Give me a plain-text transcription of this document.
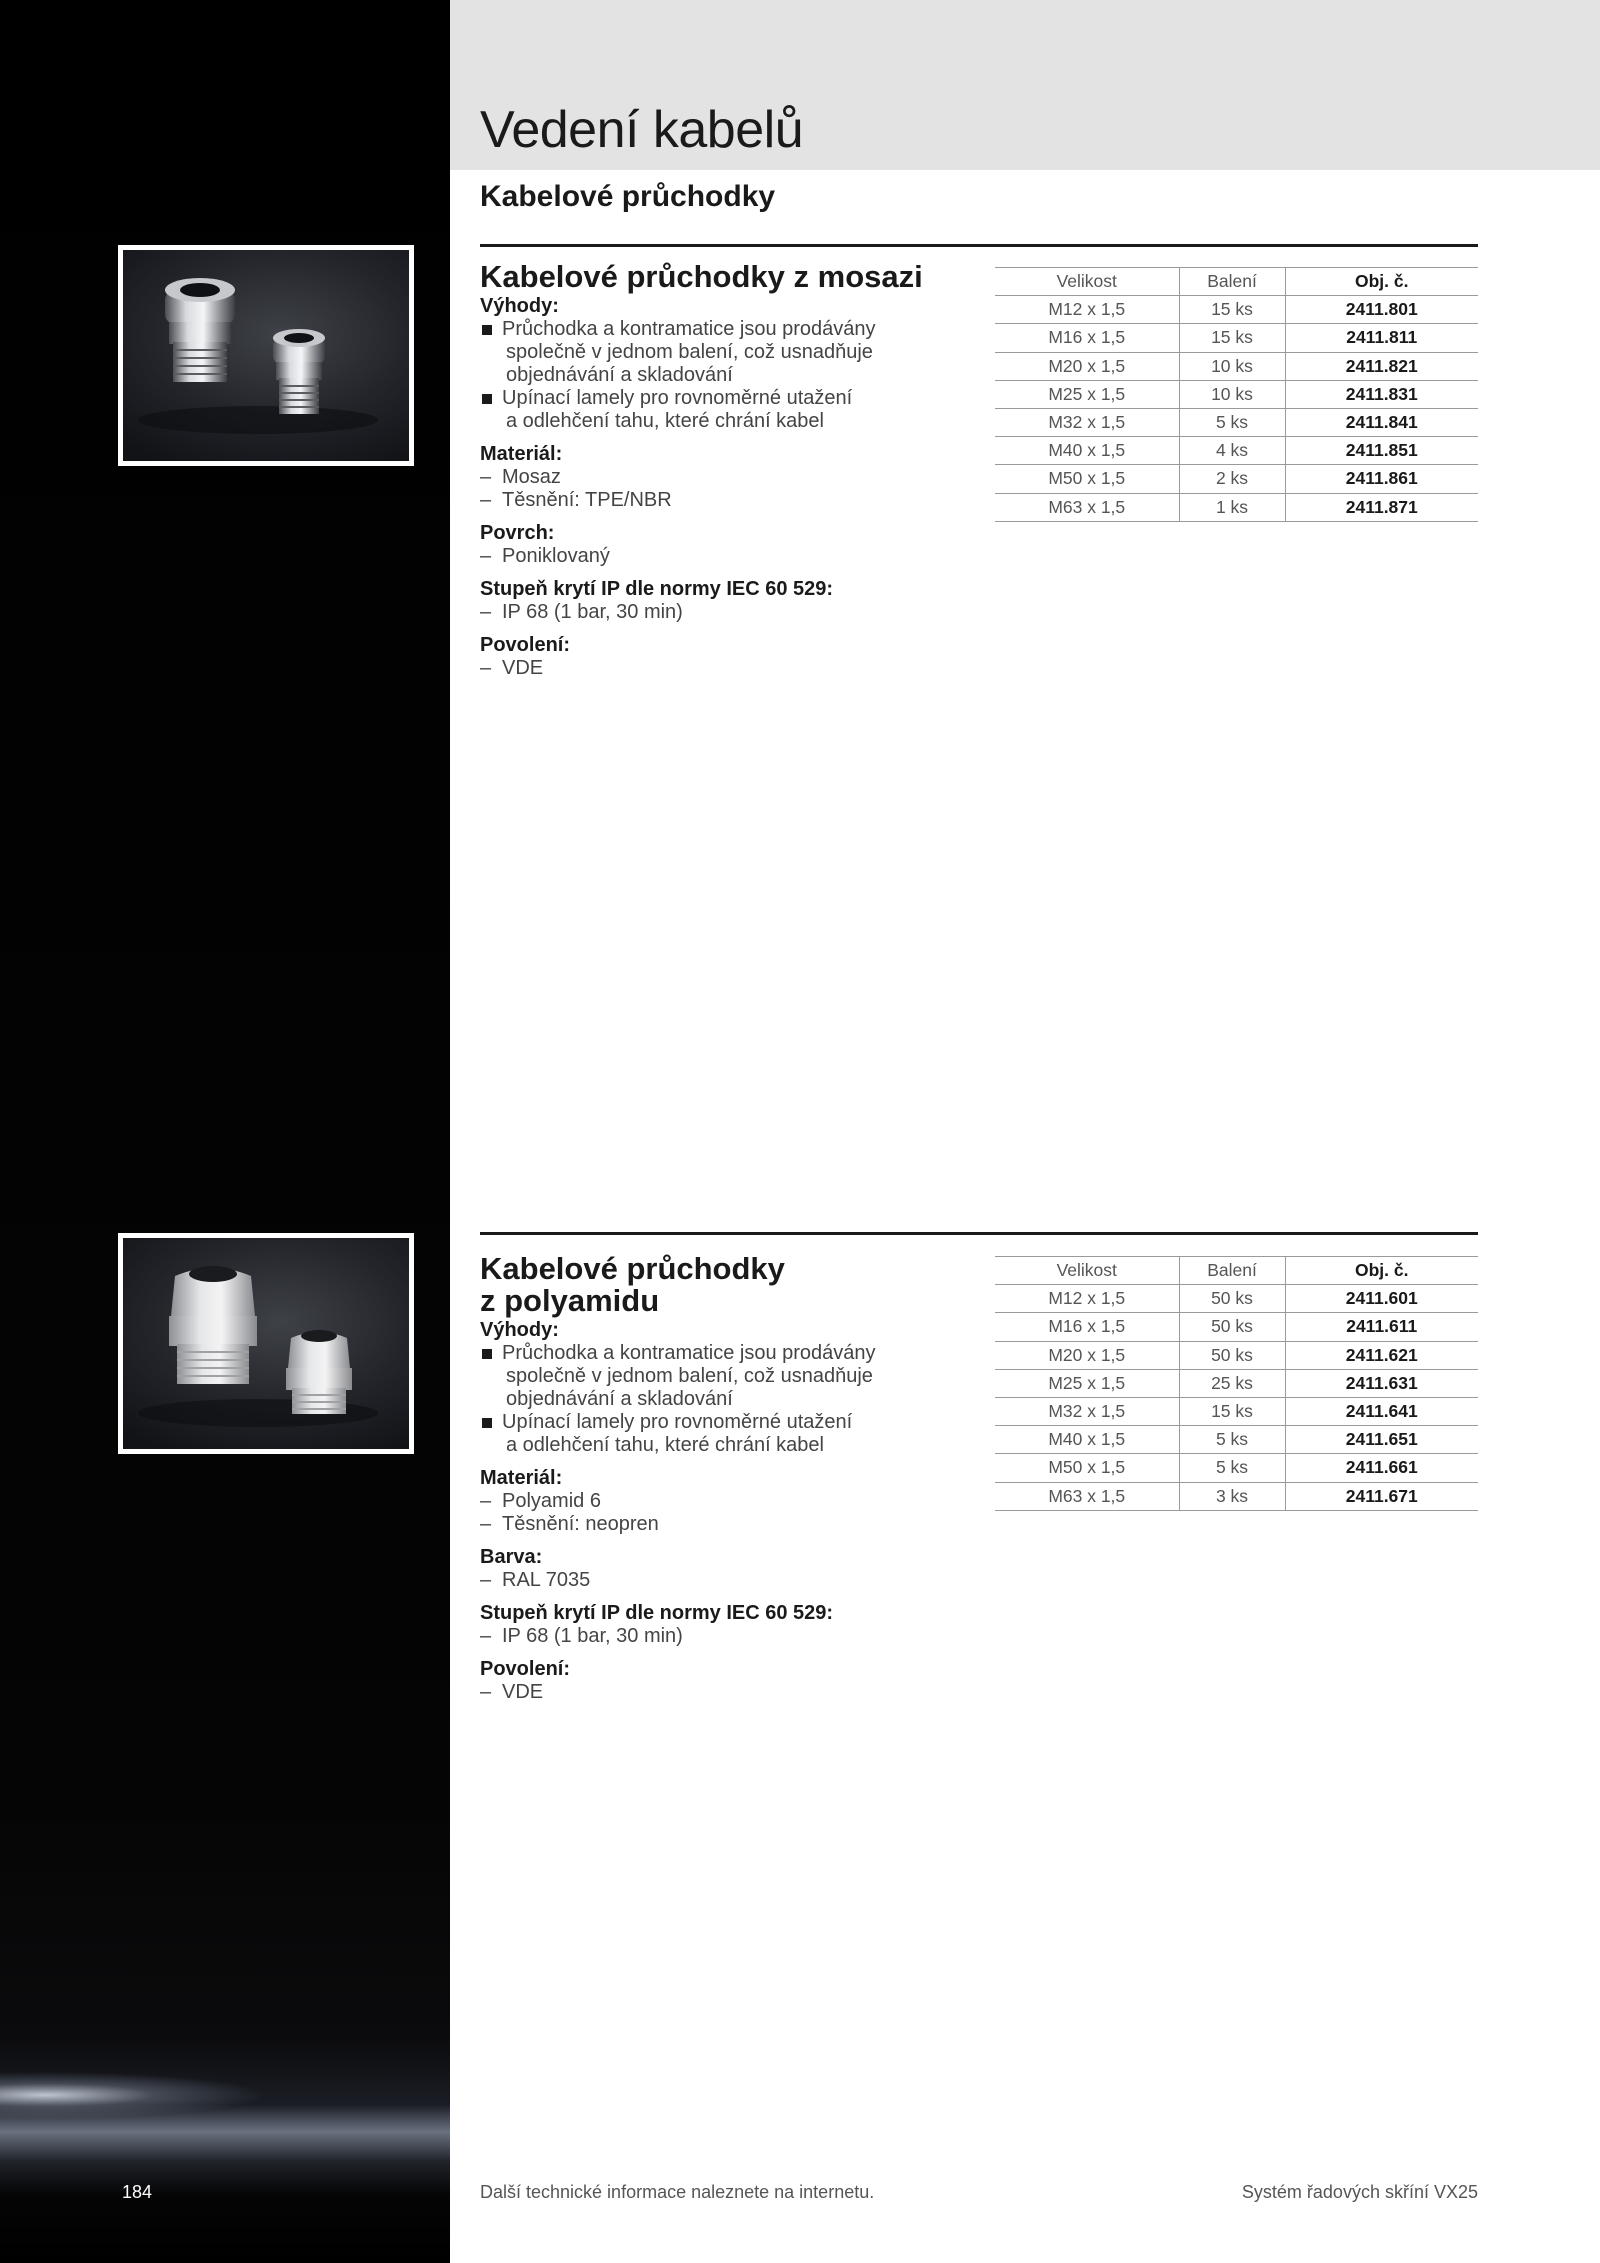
Vedení kabelů
Kabelové průchodky
Kabelové průchodky z mosazi
Výhody:
Průchodka a kontramatice jsou prodávány
společně v jednom balení, což usnadňuje
objednávání a skladování
Upínací lamely pro rovnoměrné utažení
a odlehčení tahu, které chrání kabel
Materiál:
– Mosaz
– Těsnění: TPE/NBR
Povrch:
– Poniklovaný
Stupeň krytí IP dle normy IEC 60 529:
– IP 68 (1 bar, 30 min)
Povolení:
– VDE
Velikost	Balení	Obj. č.
M12 x 1,5	15 ks	2411.801
M16 x 1,5	15 ks	2411.811
M20 x 1,5	10 ks	2411.821
M25 x 1,5	10 ks	2411.831
M32 x 1,5	5 ks	2411.841
M40 x 1,5	4 ks	2411.851
M50 x 1,5	2 ks	2411.861
M63 x 1,5	1 ks	2411.871
Kabelové průchodky
z polyamidu
Výhody:
Průchodka a kontramatice jsou prodávány
společně v jednom balení, což usnadňuje
objednávání a skladování
Upínací lamely pro rovnoměrné utažení
a odlehčení tahu, které chrání kabel
Materiál:
– Polyamid 6
– Těsnění: neopren
Barva:
– RAL 7035
Stupeň krytí IP dle normy IEC 60 529:
– IP 68 (1 bar, 30 min)
Povolení:
– VDE
Velikost	Balení	Obj. č.
M12 x 1,5	50 ks	2411.601
M16 x 1,5	50 ks	2411.611
M20 x 1,5	50 ks	2411.621
M25 x 1,5	25 ks	2411.631
M32 x 1,5	15 ks	2411.641
M40 x 1,5	5 ks	2411.651
M50 x 1,5	5 ks	2411.661
M63 x 1,5	3 ks	2411.671
184	Další technické informace naleznete na internetu.	Systém řadových skříní VX25
